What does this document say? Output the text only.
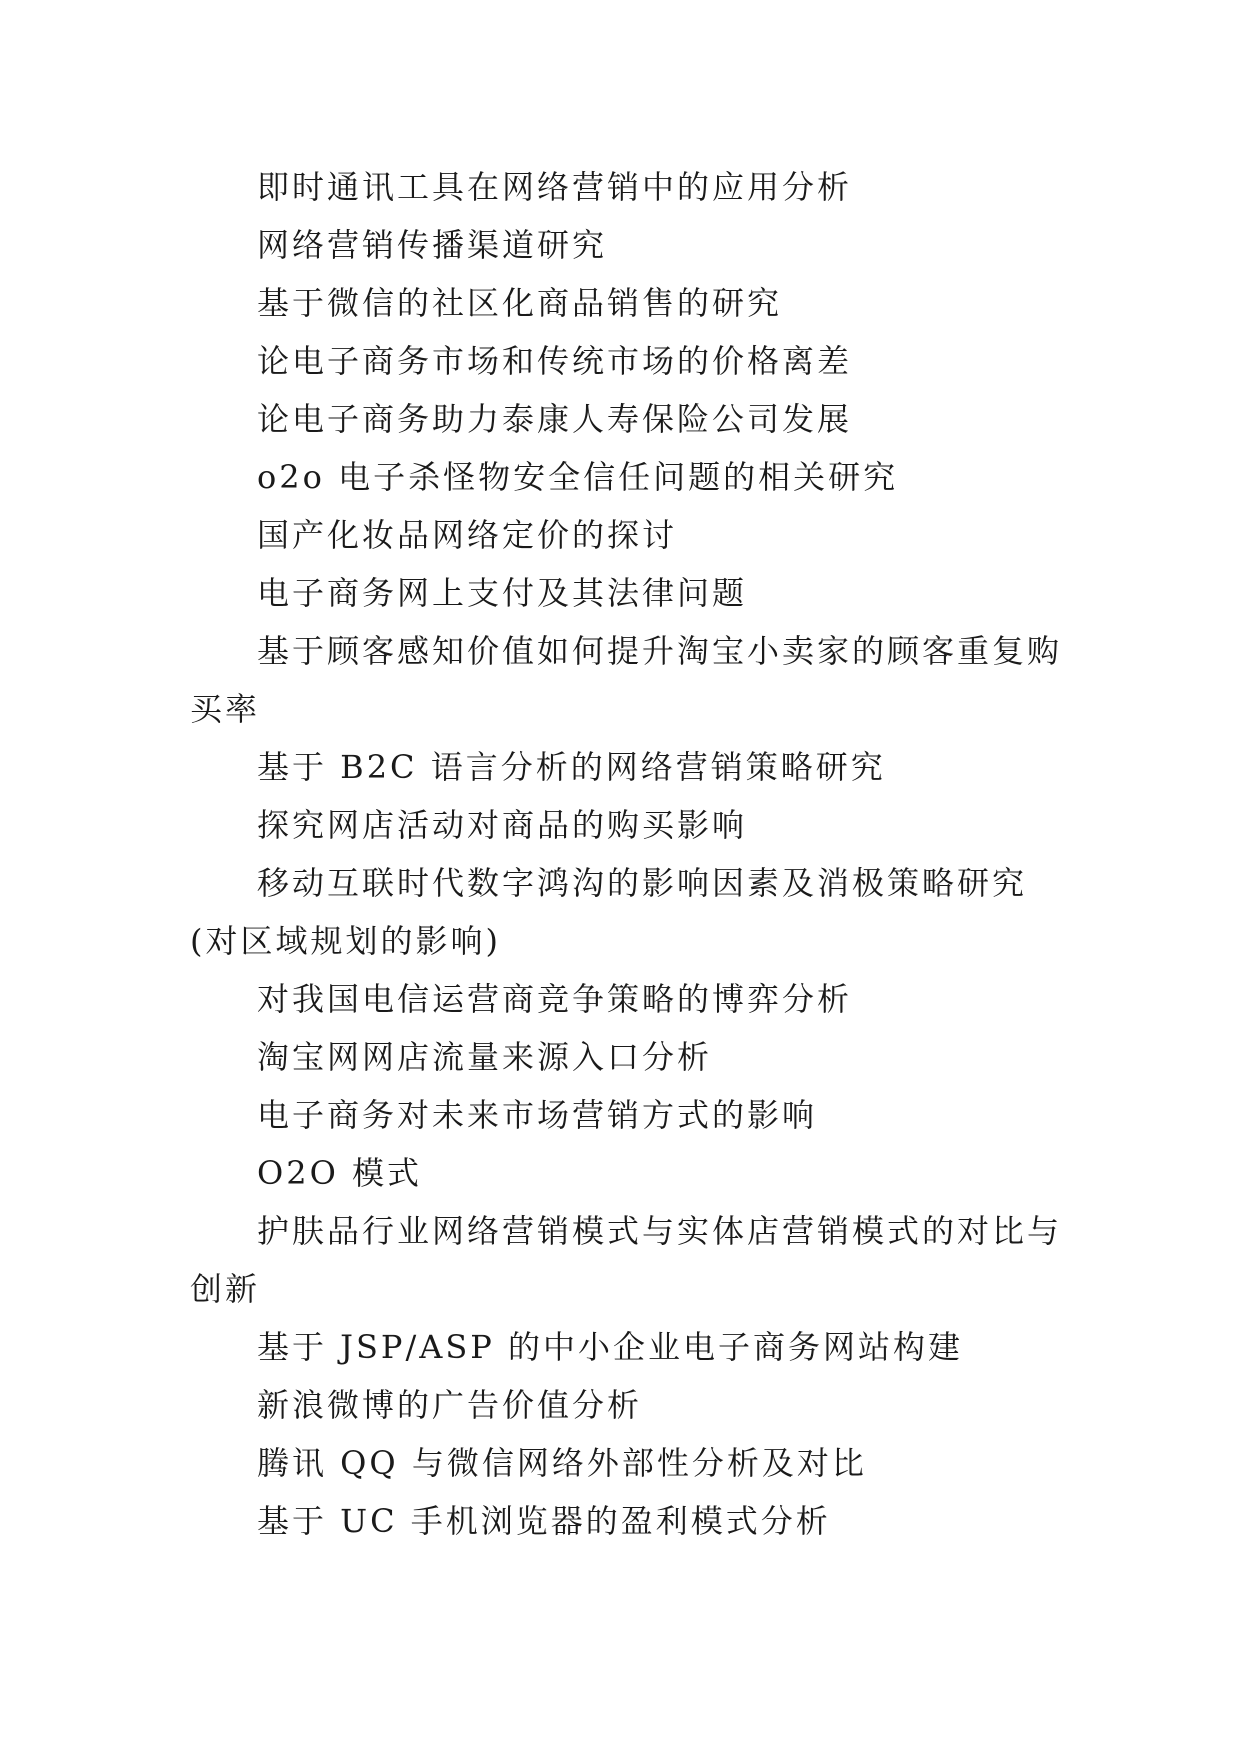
即时通讯工具在网络营销中的应用分析

网络营销传播渠道研究

基于微信的社区化商品销售的研究

论电子商务市场和传统市场的价格离差

论电子商务助力泰康人寿保险公司发展

o2o 电子杀怪物安全信任问题的相关研究

国产化妆品网络定价的探讨

电子商务网上支付及其法律问题

基于顾客感知价值如何提升淘宝小卖家的顾客重复购买率

基于 B2C 语言分析的网络营销策略研究

探究网店活动对商品的购买影响

移动互联时代数字鸿沟的影响因素及消极策略研究(对区域规划的影响)

对我国电信运营商竞争策略的博弈分析

淘宝网网店流量来源入口分析

电子商务对未来市场营销方式的影响

O2O 模式

护肤品行业网络营销模式与实体店营销模式的对比与创新

基于 JSP/ASP 的中小企业电子商务网站构建

新浪微博的广告价值分析

腾讯 QQ 与微信网络外部性分析及对比

基于 UC 手机浏览器的盈利模式分析
